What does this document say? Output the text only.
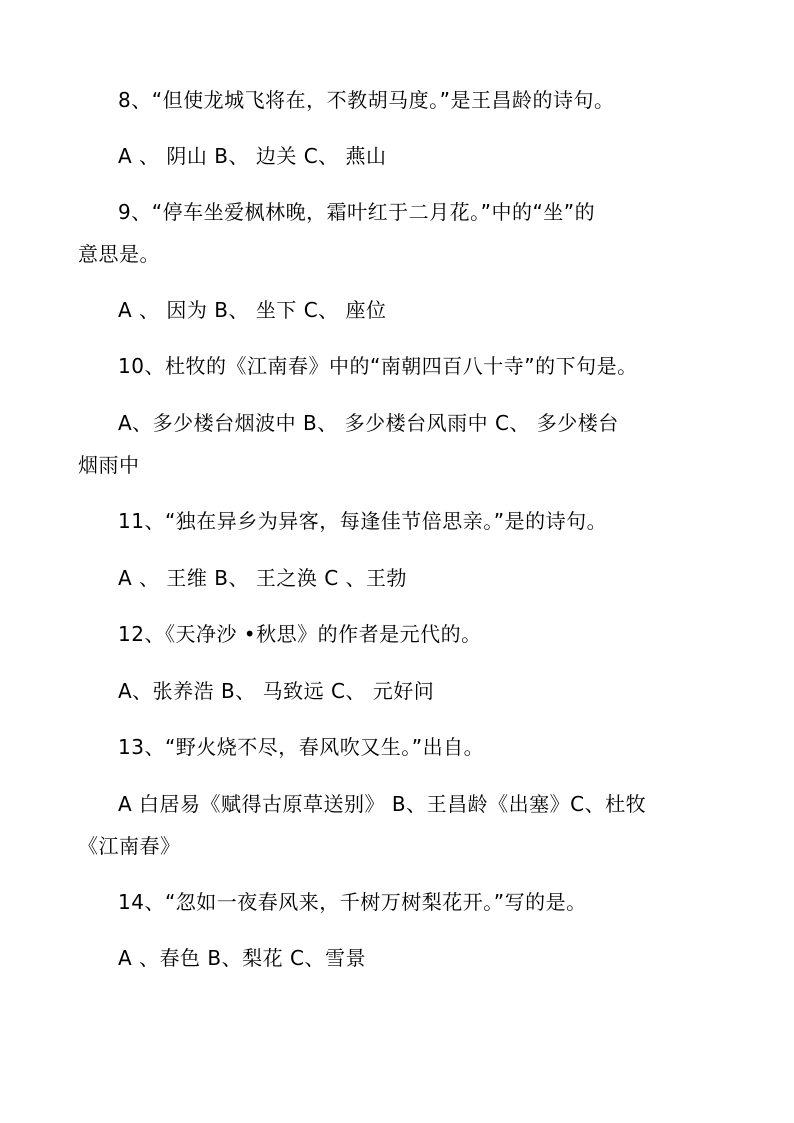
8、“但使龙城飞将在，不教胡马度。”是王昌龄的诗句。
A 、 阴山 B、 边关 C、 燕山
9、“停车坐爱枫林晚，霜叶红于二月花。”中的“坐”的
意思是。
A 、 因为 B、 坐下 C、 座位
10、杜牧的《江南春》中的“南朝四百八十寺”的下句是。
A、多少楼台烟波中 B、 多少楼台风雨中 C、 多少楼台
烟雨中
11、“独在异乡为异客，每逢佳节倍思亲。”是的诗句。
A 、 王维 B、 王之涣 C 、王勃
12、《天净沙 •秋思》的作者是元代的。
A、张养浩 B、 马致远 C、 元好问
13、“野火烧不尽，春风吹又生。”出自。
A 白居易《赋得古原草送别》 B、王昌龄《出塞》C、杜牧
《江南春》
14、“忽如一夜春风来，千树万树梨花开。”写的是。
A 、春色 B、梨花 C、雪景
